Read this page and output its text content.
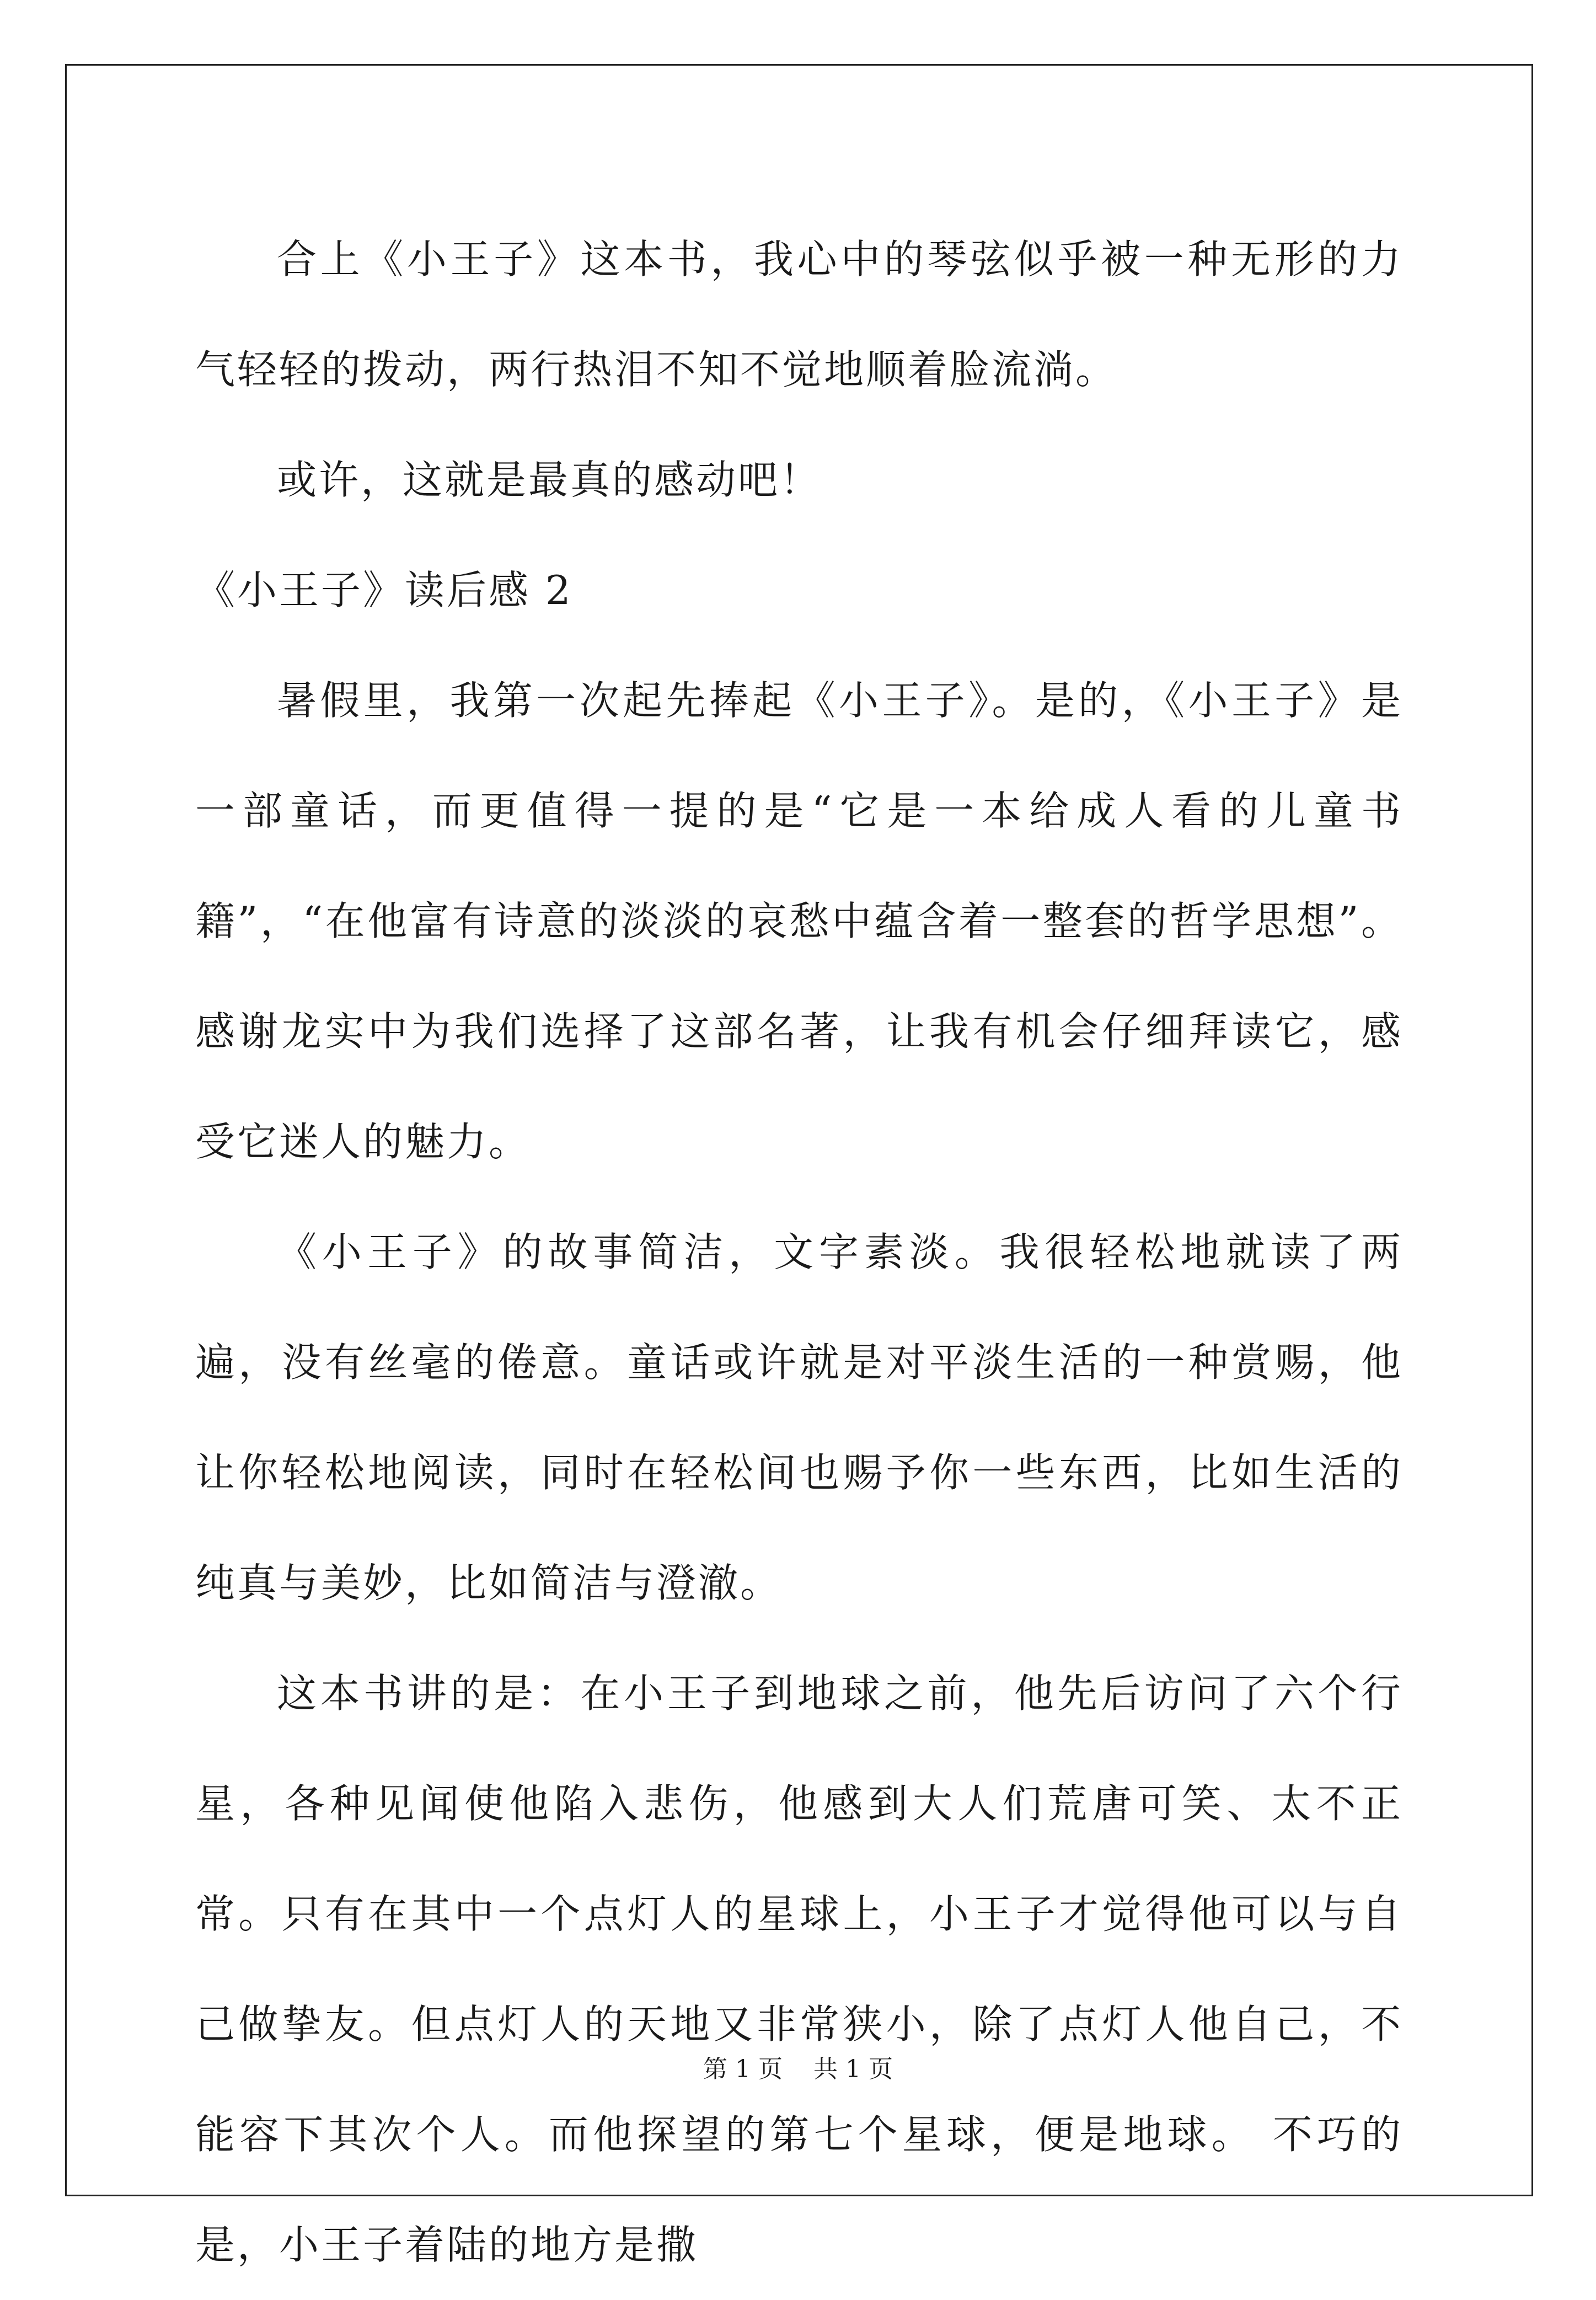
合上《小王子》这本书，我心中的琴弦似乎被一种无形的力气轻轻的拨动，两行热泪不知不觉地顺着脸流淌。

或许，这就是最真的感动吧！

《小王子》读后感 2

暑假里，我第一次起先捧起《小王子》。是的，《小王子》是一部童话，而更值得一提的是“它是一本给成人看的儿童书籍”，“在他富有诗意的淡淡的哀愁中蕴含着一整套的哲学思想”。 感谢龙实中为我们选择了这部名著，让我有机会仔细拜读它，感受它迷人的魅力。

《小王子》的故事简洁，文字素淡。我很轻松地就读了两遍，没有丝毫的倦意。童话或许就是对平淡生活的一种赏赐，他让你轻松地阅读，同时在轻松间也赐予你一些东西，比如生活的纯真与美妙，比如简洁与澄澈。

这本书讲的是：在小王子到地球之前，他先后访问了六个行星，各种见闻使他陷入悲伤，他感到大人们荒唐可笑、太不正常。只有在其中一个点灯人的星球上，小王子才觉得他可以与自己做挚友。但点灯人的天地又非常狭小，除了点灯人他自己，不能容下其次个人。而他探望的第七个星球，便是地球。 不巧的是，小王子着陆的地方是撒

第 1 页 共 1 页
